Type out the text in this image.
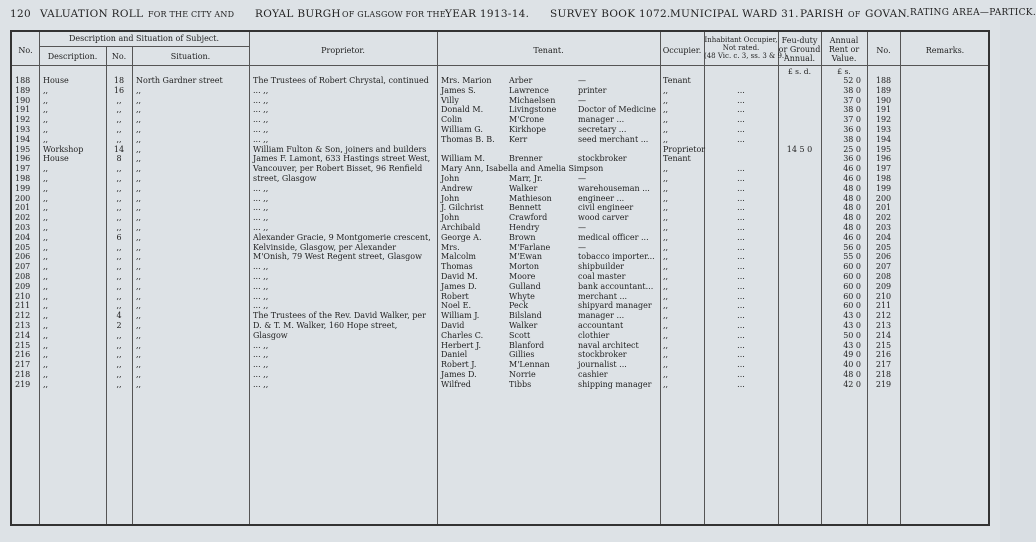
120 VALUATION ROLL FOR THE CITY AND ROYAL BURGH OF GLASGOW FOR THE YEAR 1913-14. SURVEY BOOK 1072. MUNICIPAL WARD 31. PARISH OF GOVAN. RATING AREA—PARTICK.
No.
Description and Situation of Subject.
Description.	No.	Situation.
Proprietor.	Tenant.	Occupier.
Inhabitant Occupier,
Not rated.
(48 Vic. c. 3, ss. 3 & 9.)
Feu-duty
or Ground
Annual.
£ s. d.
Annual
Rent or
Value.
£ s.
No.	Remarks.
188	House	18	North Gardner street	The Trustees of Robert Chrystal, continued	Mrs. Marion	Arber	—	Tenant	52 0	188
189	,,	16	,,	... ,,	James S.	Lawrence	printer	,,	...	38 0	189
190	,,	,,	,,	... ,,	Villy	Michaelsen	—	,,	...	37 0	190
191	,,	,,	,,	... ,,	Donald M.	Livingstone	Doctor of Medicine ,,	...	38 0	191
192	,,	,,	,,	... ,,	Colin	M'Crone	manager ...	,,	...	37 0	192
193	,,	,,	,,	... ,,	William G.	Kirkhope	secretary ...	,,	...	36 0	193
194	,,	,,	,,	... ,,	Thomas B. B.	Kerr	seed merchant ...	,,	...	38 0	194
195	Workshop	14	,,	William Fulton & Son, joiners and builders	Proprietor	14 5 0	25 0	195
196	House	8	,,	James F. Lamont, 633 Hastings street West,	William M.	Brenner	stockbroker	Tenant	36 0	196
197	,,	,,	,,	Vancouver, per Robert Bisset, 96 Renfield	Mary Ann, Isabella and Amelia Simpson	,,	...	46 0	197
198	,,	,,	,,	street, Glasgow	John	Marr, Jr.	—	,,	...	46 0	198
199	,,	,,	,,	... ,,	Andrew	Walker	warehouseman ...	,,	...	48 0	199
200	,,	,,	,,	... ,,	John	Mathieson	engineer ...	,,	...	48 0	200
201	,,	,,	,,	... ,,	J. Gilchrist	Bennett	civil engineer	,,	...	48 0	201
202	,,	,,	,,	... ,,	John	Crawford	wood carver	,,	...	48 0	202
203	,,	,,	,,	... ,,	Archibald	Hendry	—	,,	...	48 0	203
204	,,	6	,,	Alexander Gracie, 9 Montgomerie crescent,	George A.	Brown	medical officer ...	,,	...	46 0	204
205	,,	,,	,,	Kelvinside, Glasgow, per Alexander	Mrs.	M'Farlane	—	,,	...	56 0	205
206	,,	,,	,,	M'Onish, 79 West Regent street, Glasgow	Malcolm	M'Ewan	tobacco importer...	,,	...	55 0	206
207	,,	,,	,,	... ,,	Thomas	Morton	shipbuilder	,,	...	60 0	207
208	,,	,,	,,	... ,,	David M.	Moore	coal master	,,	...	60 0	208
209	,,	,,	,,	... ,,	James D.	Gulland	bank accountant...	,,	...	60 0	209
210	,,	,,	,,	... ,,	Robert	Whyte	merchant ...	,,	...	60 0	210
211	,,	,,	,,	... ,,	Noel E.	Peck	shipyard manager	,,	...	60 0	211
212	,,	4	,,	The Trustees of the Rev. David Walker, per	William J.	Bilsland	manager ...	,,	...	43 0	212
213	,,	2	,,	D. & T. M. Walker, 160 Hope street,	David	Walker	accountant	,,	...	43 0	213
214	,,	,,	,,	Glasgow	Charles C.	Scott	clothier	,,	...	50 0	214
215	,,	,,	,,	... ,,	Herbert J.	Blanford	naval architect	,,	...	43 0	215
216	,,	,,	,,	... ,,	Daniel	Gillies	stockbroker	,,	...	49 0	216
217	,,	,,	,,	... ,,	Robert J.	M'Lennan	journalist ...	,,	...	40 0	217
218	,,	,,	,,	... ,,	James D.	Norrie	cashier	,,	...	48 0	218
219	,,	,,	,,	... ,,	Wilfred	Tibbs	shipping manager	,,	...	42 0	219
